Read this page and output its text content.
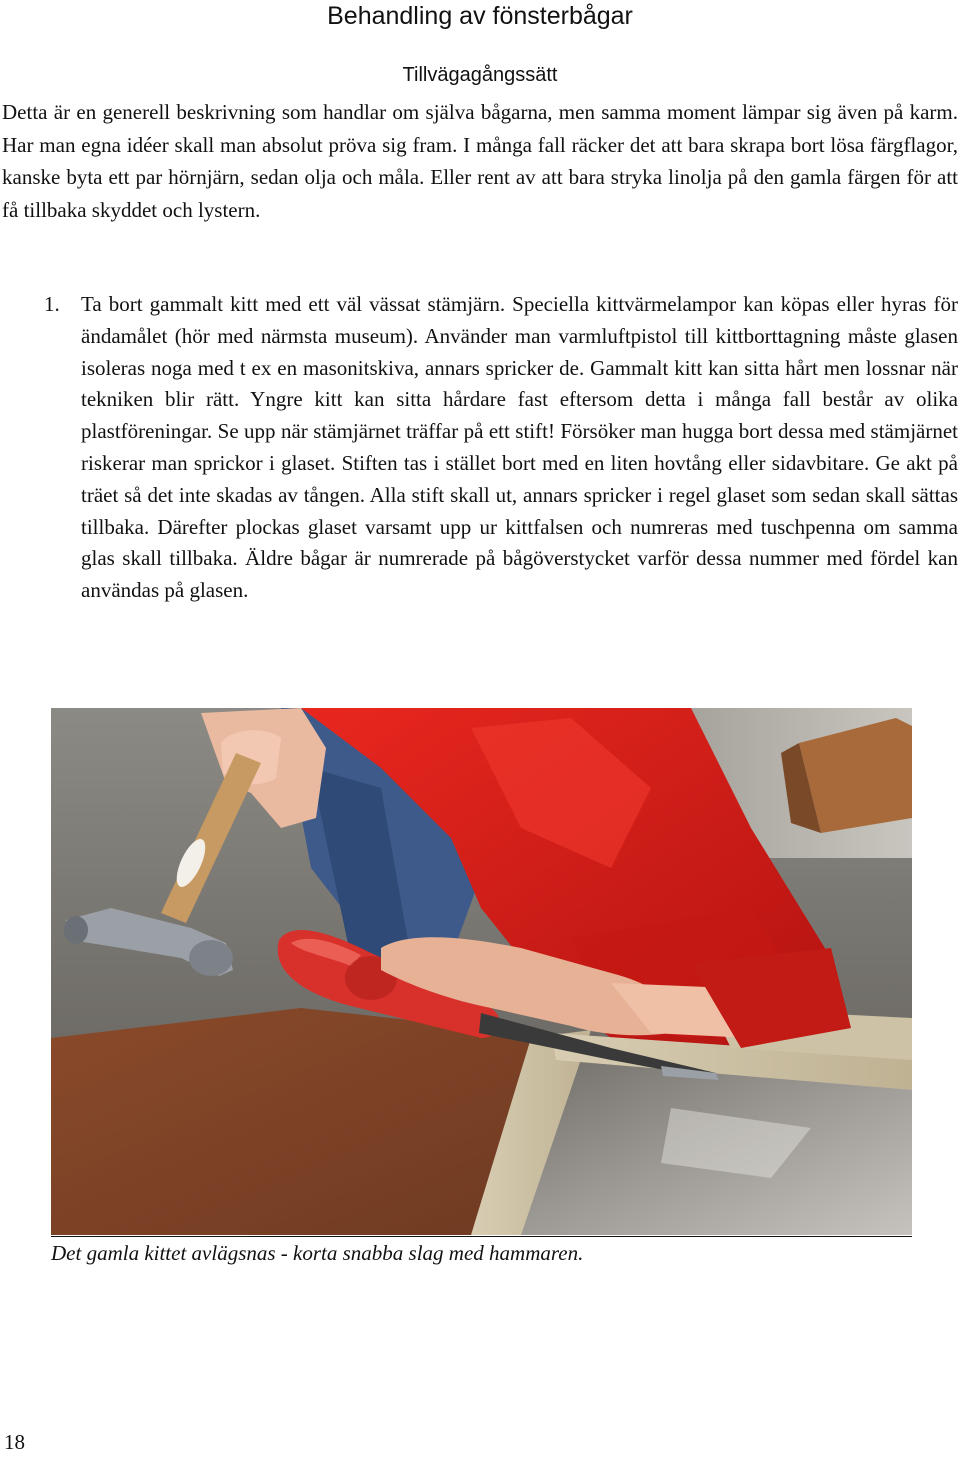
Behandling av fönsterbågar
Tillvägagångssätt

Detta är en generell beskrivning som handlar om själva bågarna, men samma moment lämpar sig även på karm. Har man egna idéer skall man absolut pröva sig fram. I många fall räcker det att bara skrapa bort lösa färgflagor, kanske byta ett par hörnjärn, sedan olja och måla. Eller rent av att bara stryka linolja på den gamla färgen för att få tillbaka skyddet och lystern.

1.	Ta bort gammalt kitt med ett väl vässat stämjärn. Speciella kittvärmelampor kan köpas eller hyras för ändamålet (hör med närmsta museum). Använder man varmluftpistol till kittborttagning måste glasen isoleras noga med t ex en masonitskiva, annars spricker de. Gammalt kitt kan sitta hårt men lossnar när tekniken blir rätt. Yngre kitt kan sitta hårdare fast eftersom detta i många fall består av olika plastföreningar. Se upp när stämjärnet träffar på ett stift! Försöker man hugga bort dessa med stämjärnet riskerar man sprickor i glaset. Stiften tas i stället bort med en liten hovtång eller sidavbitare. Ge akt på träet så det inte skadas av tången. Alla stift skall ut, annars spricker i regel glaset som sedan skall sättas tillbaka. Därefter plockas glaset varsamt upp ur kittfalsen och numreras med tuschpenna om samma glas skall tillbaka. Äldre bågar är numrerade på bågöverstycket varför dessa nummer med fördel kan användas på glasen.
Det gamla kittet avlägsnas - korta snabba slag med hammaren.
18
